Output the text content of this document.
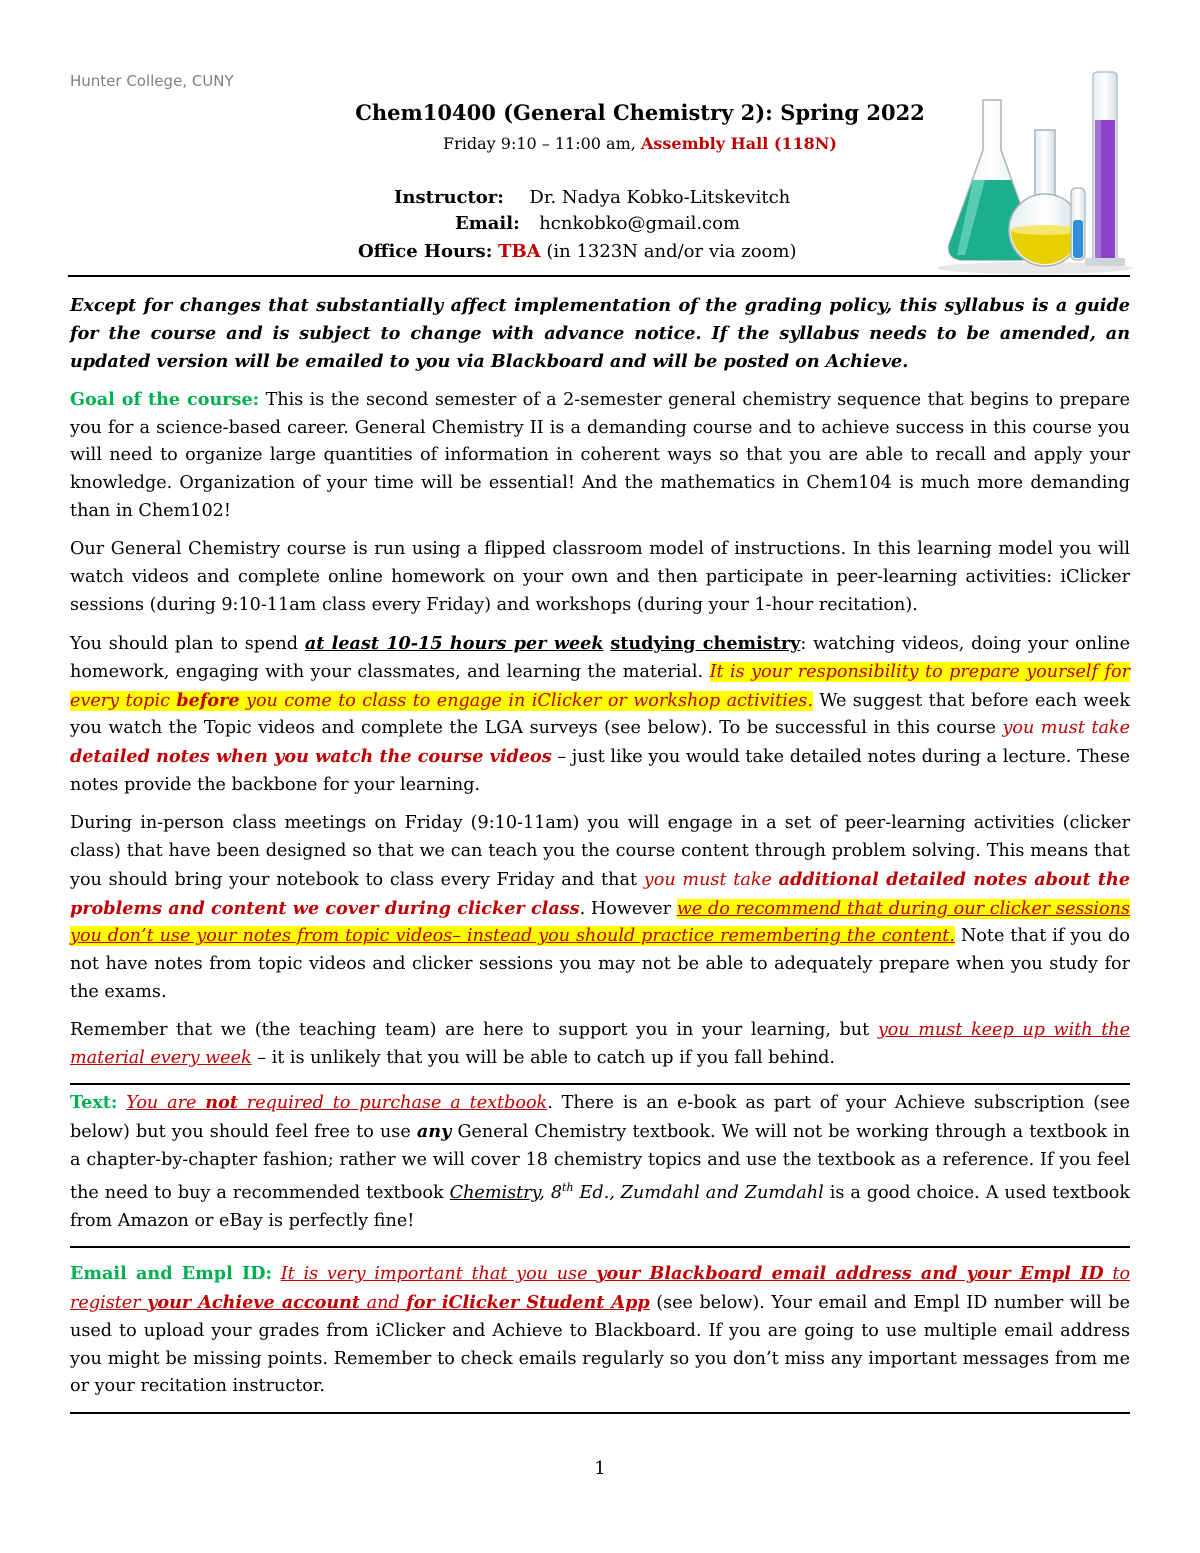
Hunter College, CUNY
Chem10400 (General Chemistry 2): Spring 2022
Friday 9:10 – 11:00 am, Assembly Hall (118N)
Instructor: Dr. Nadya Kobko-Litskevitch
Email: hcnkobko@gmail.com
Office Hours: TBA (in 1323N and/or via zoom)

Except for changes that substantially affect implementation of the grading policy, this syllabus is a guide for the course and is subject to change with advance notice. If the syllabus needs to be amended, an updated version will be emailed to you via Blackboard and will be posted on Achieve.

Goal of the course: This is the second semester of a 2-semester general chemistry sequence that begins to prepare you for a science-based career. General Chemistry II is a demanding course and to achieve success in this course you will need to organize large quantities of information in coherent ways so that you are able to recall and apply your knowledge. Organization of your time will be essential! And the mathematics in Chem104 is much more demanding than in Chem102!

Our General Chemistry course is run using a flipped classroom model of instructions. In this learning model you will watch videos and complete online homework on your own and then participate in peer-learning activities: iClicker sessions (during 9:10-11am class every Friday) and workshops (during your 1-hour recitation).

You should plan to spend at least 10-15 hours per week studying chemistry: watching videos, doing your online homework, engaging with your classmates, and learning the material. It is your responsibility to prepare yourself for every topic before you come to class to engage in iClicker or workshop activities. We suggest that before each week you watch the Topic videos and complete the LGA surveys (see below). To be successful in this course you must take detailed notes when you watch the course videos – just like you would take detailed notes during a lecture. These notes provide the backbone for your learning.

During in-person class meetings on Friday (9:10-11am) you will engage in a set of peer-learning activities (clicker class) that have been designed so that we can teach you the course content through problem solving. This means that you should bring your notebook to class every Friday and that you must take additional detailed notes about the problems and content we cover during clicker class. However we do recommend that during our clicker sessions you don’t use your notes from topic videos– instead you should practice remembering the content. Note that if you do not have notes from topic videos and clicker sessions you may not be able to adequately prepare when you study for the exams.

Remember that we (the teaching team) are here to support you in your learning, but you must keep up with the material every week – it is unlikely that you will be able to catch up if you fall behind.

Text: You are not required to purchase a textbook. There is an e-book as part of your Achieve subscription (see below) but you should feel free to use any General Chemistry textbook. We will not be working through a textbook in a chapter-by-chapter fashion; rather we will cover 18 chemistry topics and use the textbook as a reference. If you feel the need to buy a recommended textbook Chemistry, 8th Ed., Zumdahl and Zumdahl is a good choice. A used textbook from Amazon or eBay is perfectly fine!

Email and Empl ID: It is very important that you use your Blackboard email address and your Empl ID to register your Achieve account and for iClicker Student App (see below). Your email and Empl ID number will be used to upload your grades from iClicker and Achieve to Blackboard. If you are going to use multiple email address you might be missing points. Remember to check emails regularly so you don’t miss any important messages from me or your recitation instructor.

1
